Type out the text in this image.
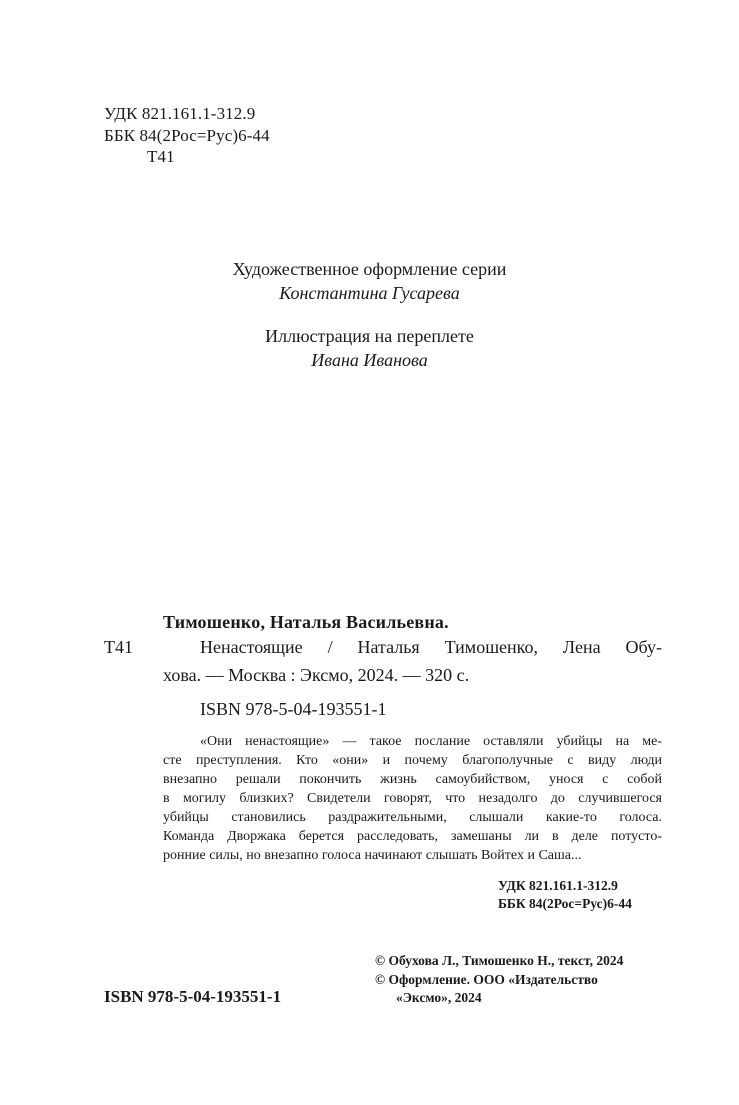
УДК 821.161.1-312.9
ББК 84(2Рос=Рус)6-44
Т41
Художественное оформление серии
Константина Гусарева
Иллюстрация на переплете
Ивана Иванова
Тимошенко, Наталья Васильевна.
Т41	Ненастоящие / Наталья Тимошенко, Лена Обу-
хова. — Москва : Эксмо, 2024. — 320 с.
ISBN 978-5-04-193551-1
«Они ненастоящие» — такое послание оставляли убийцы на ме-
сте преступления. Кто «они» и почему благополучные с виду люди
внезапно решали покончить жизнь самоубийством, унося с собой
в могилу близких? Свидетели говорят, что незадолго до случившегося
убийцы становились раздражительными, слышали какие-то голоса.
Команда Дворжака берется расследовать, замешаны ли в деле потусто-
ронние силы, но внезапно голоса начинают слышать Войтех и Саша...
УДК 821.161.1-312.9
ББК 84(2Рос=Рус)6-44
© Обухова Л., Тимошенко Н., текст, 2024
© Оформление. ООО «Издательство
«Эксмо», 2024
ISBN 978-5-04-193551-1
